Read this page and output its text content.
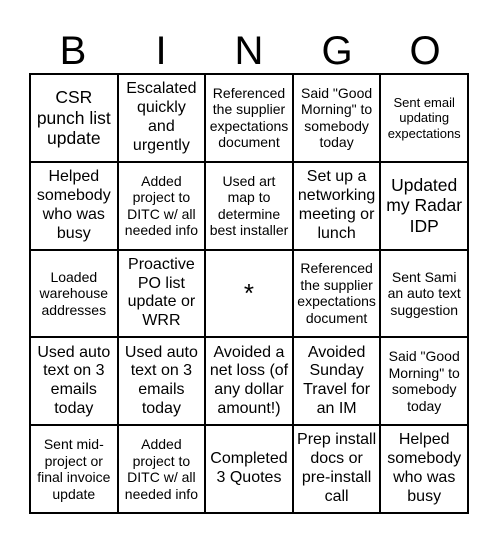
B	I	N	G	O
CSR punch list update
Escalated quickly and urgently
Referenced the supplier expectations document
Said "Good Morning" to somebody today
Sent email updating expectations
Helped somebody who was busy
Added project to DITC w/ all needed info
Used art map to determine best installer
Set up a networking meeting or lunch
Updated my Radar IDP
Loaded warehouse addresses
Proactive PO list update or WRR
*
Referenced the supplier expectations document
Sent Sami an auto text suggestion
Used auto text on 3 emails today
Used auto text on 3 emails today
Avoided a net loss (of any dollar amount!)
Avoided Sunday Travel for an IM
Said "Good Morning" to somebody today
Sent mid-project or final invoice update
Added project to DITC w/ all needed info
Completed 3 Quotes
Prep install docs or pre-install call
Helped somebody who was busy
